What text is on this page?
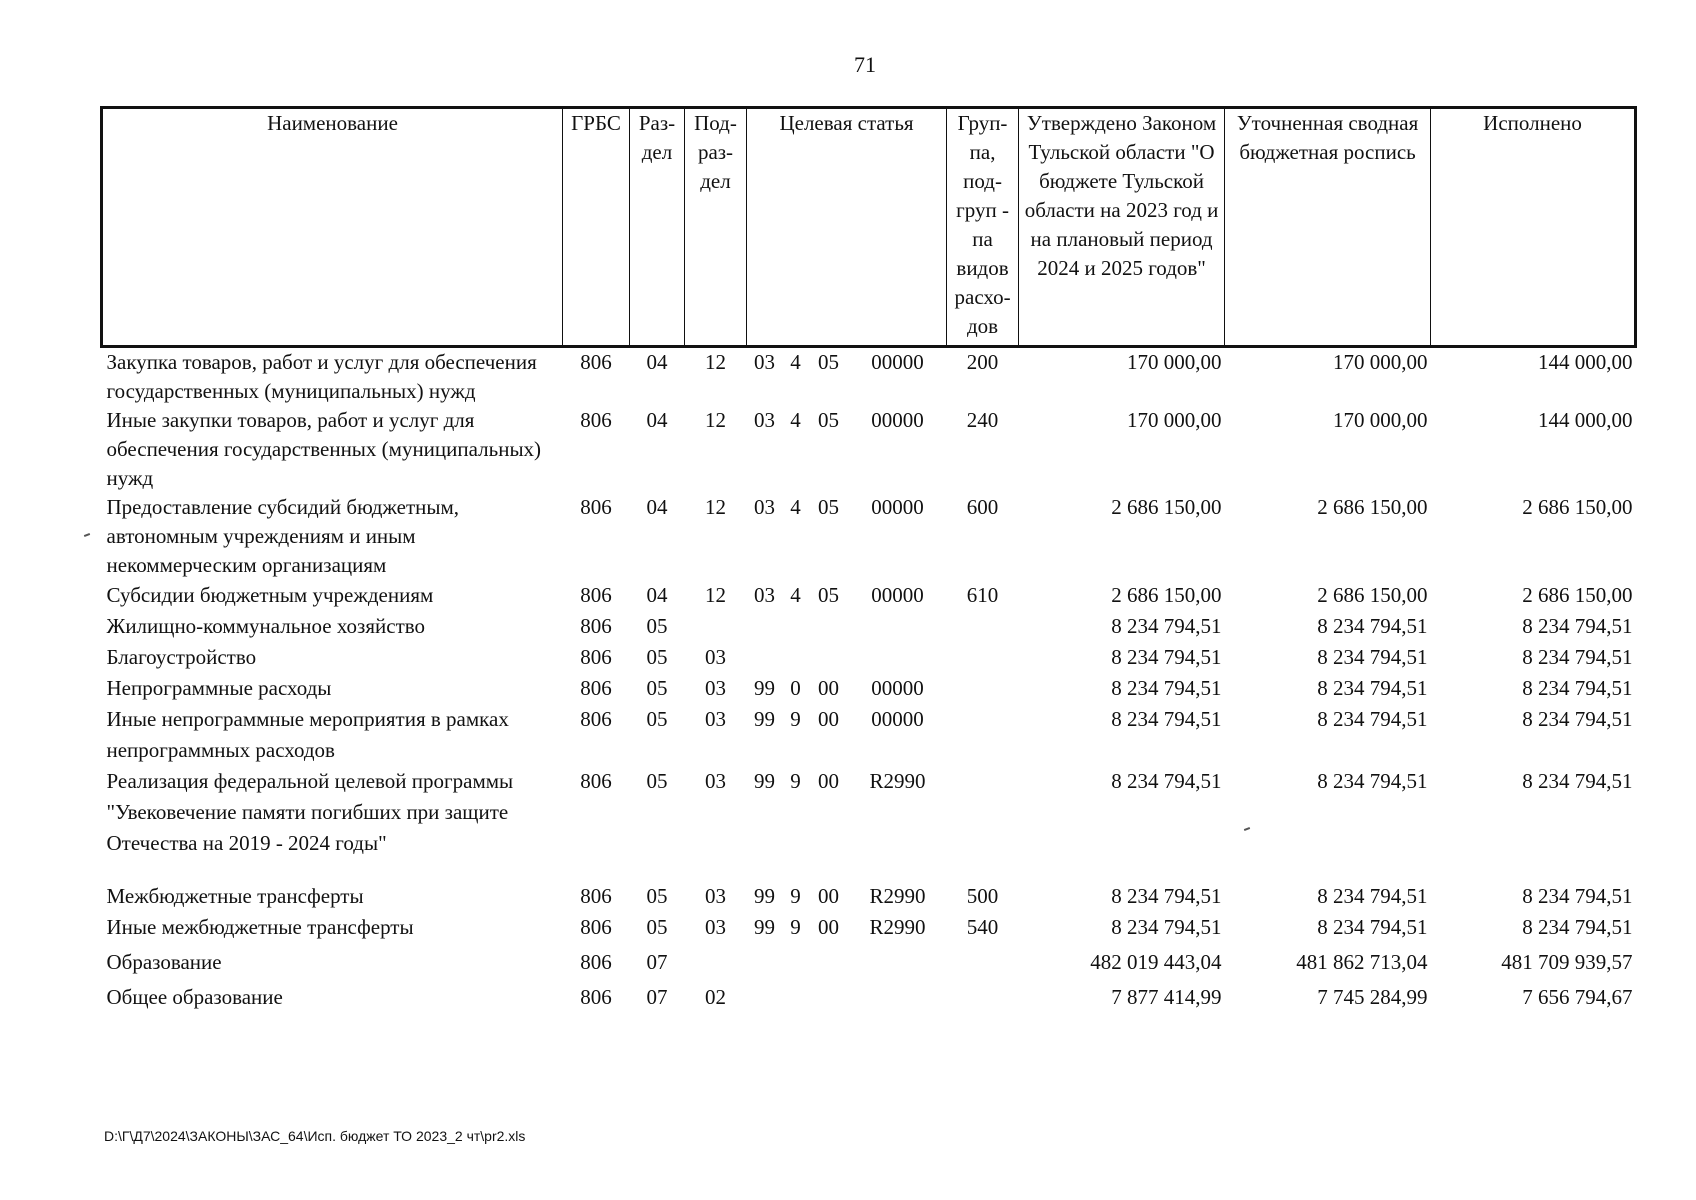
71
Наименование	ГРБС	Раз- дел	Под- раз- дел	Целевая статья				Груп- па, под- груп - па видов расхо- дов	Утверждено Законом Тульской области "О бюджете Тульской области на 2023 год и на плановый период 2024 и 2025 годов"	Уточненная сводная бюджетная роспись	Исполнено
Закупка товаров, работ и услуг для обеспечения государственных (муниципальных) нужд	806	04	12	03	4	05	00000	200	170 000,00	170 000,00	144 000,00
Иные закупки товаров, работ и услуг для обеспечения государственных (муниципальных) нужд	806	04	12	03	4	05	00000	240	170 000,00	170 000,00	144 000,00
Предоставление субсидий бюджетным, автономным учреждениям и иным некоммерческим организациям	806	04	12	03	4	05	00000	600	2 686 150,00	2 686 150,00	2 686 150,00
Субсидии бюджетным учреждениям	806	04	12	03	4	05	00000	610	2 686 150,00	2 686 150,00	2 686 150,00
Жилищно-коммунальное хозяйство	806	05							8 234 794,51	8 234 794,51	8 234 794,51
Благоустройство	806	05	03						8 234 794,51	8 234 794,51	8 234 794,51
Непрограммные расходы	806	05	03	99	0	00	00000		8 234 794,51	8 234 794,51	8 234 794,51
Иные непрограммные мероприятия в рамках непрограммных расходов	806	05	03	99	9	00	00000		8 234 794,51	8 234 794,51	8 234 794,51
Реализация федеральной целевой программы "Увековечение памяти погибших при защите Отечества на 2019 - 2024 годы"	806	05	03	99	9	00	R2990		8 234 794,51	8 234 794,51	8 234 794,51
Межбюджетные трансферты	806	05	03	99	9	00	R2990	500	8 234 794,51	8 234 794,51	8 234 794,51
Иные межбюджетные трансферты	806	05	03	99	9	00	R2990	540	8 234 794,51	8 234 794,51	8 234 794,51
Образование	806	07							482 019 443,04	481 862 713,04	481 709 939,57
Общее образование	806	07	02						7 877 414,99	7 745 284,99	7 656 794,67
D:\Г\Д7\2024\ЗАКОНЫ\ЗАС_64\Исп. бюджет ТО 2023_2 чт\pr2.xls
